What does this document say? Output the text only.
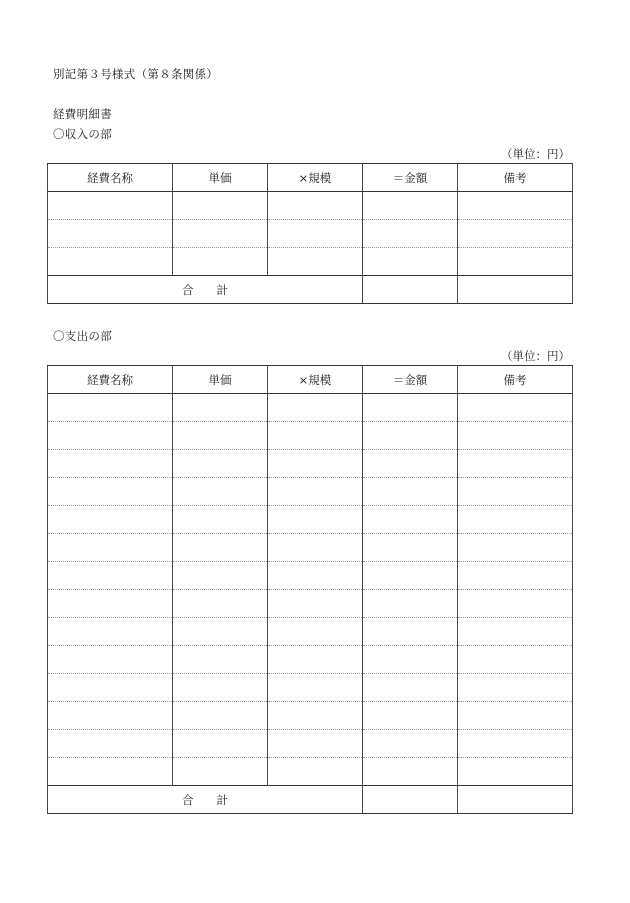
別記第３号様式（第８条関係）
経費明細書
〇収入の部
（単位：円）
経費名称	単価	×規模	＝金額	備考

合　　計				
〇支出の部
（単位：円）
経費名称	単価	×規模	＝金額	備考

合　　計				
